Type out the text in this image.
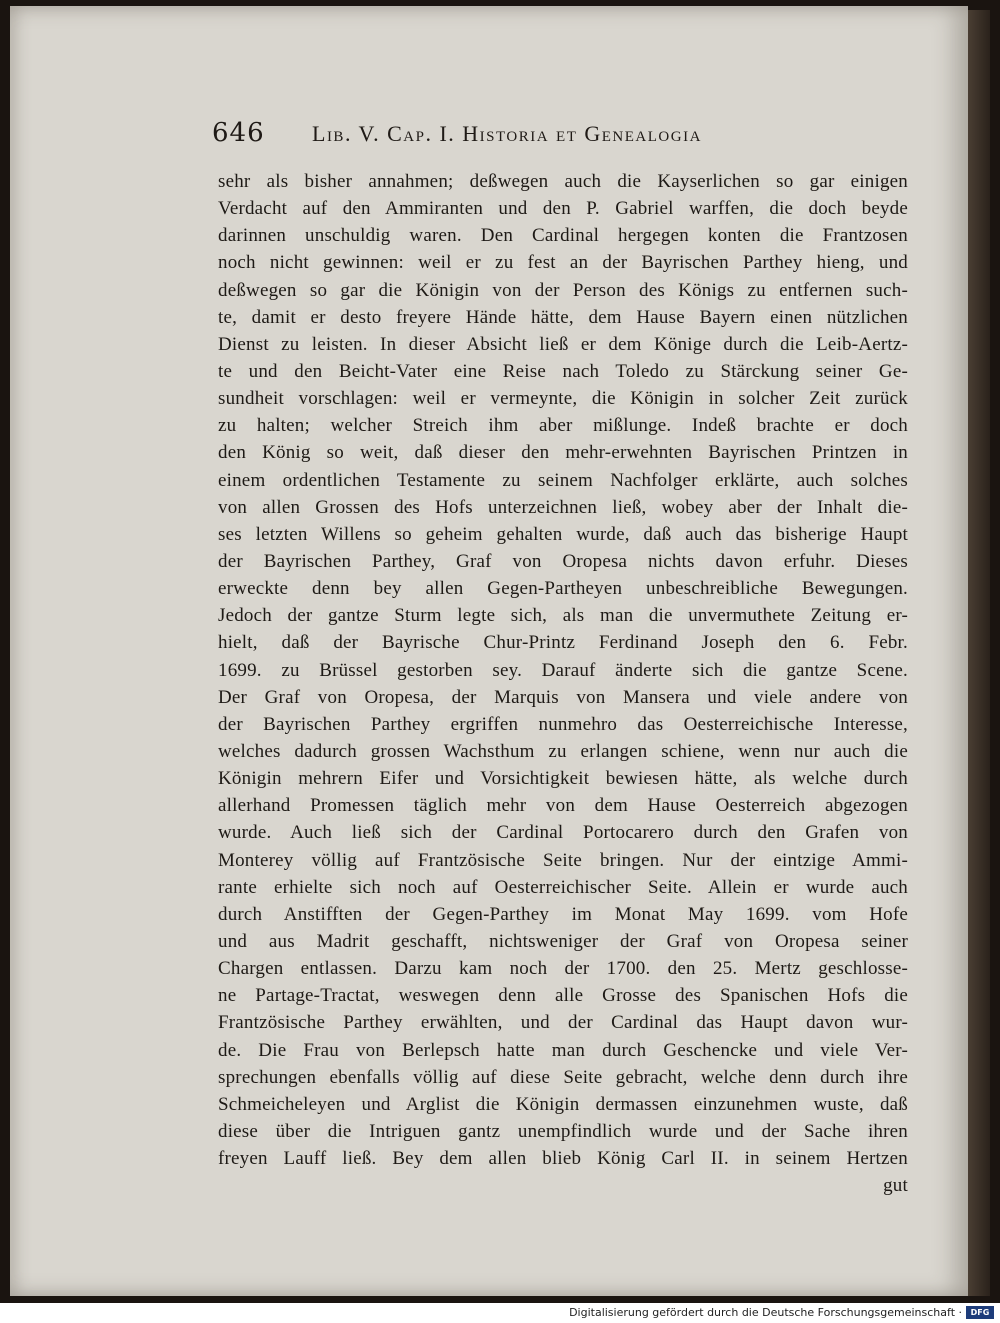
646	Lib. V. Cap. I. Historia et Genealogia
sehr als bisher annahmen; deßwegen auch die Kayserlichen so gar einigen
Verdacht auf den Ammiranten und den P. Gabriel warffen, die doch beyde
darinnen unschuldig waren. Den Cardinal hergegen konten die Frantzosen
noch nicht gewinnen: weil er zu fest an der Bayrischen Parthey hieng, und
deßwegen so gar die Königin von der Person des Königs zu entfernen such-
te, damit er desto freyere Hände hätte, dem Hause Bayern einen nützlichen
Dienst zu leisten. In dieser Absicht ließ er dem Könige durch die Leib-Aertz-
te und den Beicht-Vater eine Reise nach Toledo zu Stärckung seiner Ge-
sundheit vorschlagen: weil er vermeynte, die Königin in solcher Zeit zurück
zu halten; welcher Streich ihm aber mißlunge. Indeß brachte er doch
den König so weit, daß dieser den mehr-erwehnten Bayrischen Printzen in
einem ordentlichen Testamente zu seinem Nachfolger erklärte, auch solches
von allen Grossen des Hofs unterzeichnen ließ, wobey aber der Inhalt die-
ses letzten Willens so geheim gehalten wurde, daß auch das bisherige Haupt
der Bayrischen Parthey, Graf von Oropesa nichts davon erfuhr. Dieses
erweckte denn bey allen Gegen-Partheyen unbeschreibliche Bewegungen.
Jedoch der gantze Sturm legte sich, als man die unvermuthete Zeitung er-
hielt, daß der Bayrische Chur-Printz Ferdinand Joseph den 6. Febr.
1699. zu Brüssel gestorben sey. Darauf änderte sich die gantze Scene.
Der Graf von Oropesa, der Marquis von Mansera und viele andere von
der Bayrischen Parthey ergriffen nunmehro das Oesterreichische Interesse,
welches dadurch grossen Wachsthum zu erlangen schiene, wenn nur auch die
Königin mehrern Eifer und Vorsichtigkeit bewiesen hätte, als welche durch
allerhand Promessen täglich mehr von dem Hause Oesterreich abgezogen
wurde. Auch ließ sich der Cardinal Portocarero durch den Grafen von
Monterey völlig auf Frantzösische Seite bringen. Nur der eintzige Ammi-
rante erhielte sich noch auf Oesterreichischer Seite. Allein er wurde auch
durch Anstifften der Gegen-Parthey im Monat May 1699. vom Hofe
und aus Madrit geschafft, nichtsweniger der Graf von Oropesa seiner
Chargen entlassen. Darzu kam noch der 1700. den 25. Mertz geschlosse-
ne Partage-Tractat, weswegen denn alle Grosse des Spanischen Hofs die
Frantzösische Parthey erwählten, und der Cardinal das Haupt davon wur-
de. Die Frau von Berlepsch hatte man durch Geschencke und viele Ver-
sprechungen ebenfalls völlig auf diese Seite gebracht, welche denn durch ihre
Schmeicheleyen und Arglist die Königin dermassen einzunehmen wuste, daß
diese über die Intriguen gantz unempfindlich wurde und der Sache ihren
freyen Lauff ließ. Bey dem allen blieb König Carl II. in seinem Hertzen
gut
Digitalisierung gefördert durch die Deutsche Forschungsgemeinschaft ·	DFG
